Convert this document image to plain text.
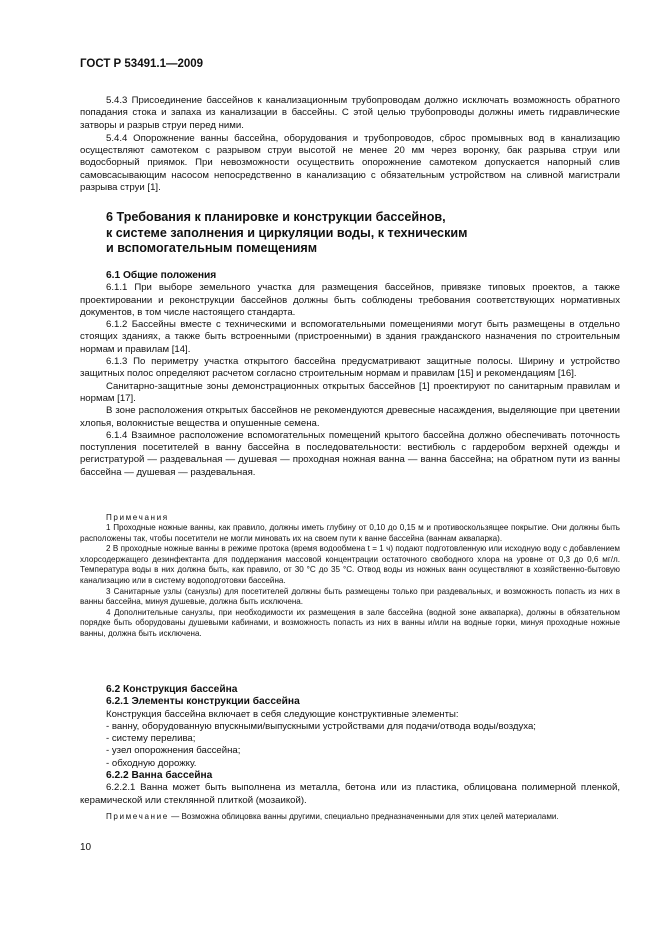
ГОСТ Р 53491.1—2009

5.4.3 Присоединение бассейнов к канализационным трубопроводам должно исключать возможность обратного попадания стока и запаха из канализации в бассейны. С этой целью трубопроводы должны иметь гидравлические затворы и разрыв струи перед ними.

5.4.4 Опорожнение ванны бассейна, оборудования и трубопроводов, сброс промывных вод в канализацию осуществляют самотеком с разрывом струи высотой не менее 20 мм через воронку, бак разрыва струи или водосборный приямок. При невозможности осуществить опорожнение самотеком допускается напорный слив самовсасывающим насосом непосредственно в канализацию с обязательным устройством на сливной магистрали разрыва струи [1].

6 Требования к планировке и конструкции бассейнов,
к системе заполнения и циркуляции воды, к техническим
и вспомогательным помещениям
6.1 Общие положения

6.1.1 При выборе земельного участка для размещения бассейнов, привязке типовых проектов, а также проектировании и реконструкции бассейнов должны быть соблюдены требования соответствующих нормативных документов, в том числе настоящего стандарта.

6.1.2 Бассейны вместе с техническими и вспомогательными помещениями могут быть размещены в отдельно стоящих зданиях, а также быть встроенными (пристроенными) в здания гражданского назначения по строительным нормам и правилам [14].

6.1.3 По периметру участка открытого бассейна предусматривают защитные полосы. Ширину и устройство защитных полос определяют расчетом согласно строительным нормам и правилам [15] и рекомендациям [16].

Санитарно-защитные зоны демонстрационных открытых бассейнов [1] проектируют по санитарным правилам и нормам [17].

В зоне расположения открытых бассейнов не рекомендуются древесные насаждения, выделяющие при цветении хлопья, волокнистые вещества и опушенные семена.

6.1.4 Взаимное расположение вспомогательных помещений крытого бассейна должно обеспечивать поточность поступления посетителей в ванну бассейна в последовательности: вестибюль с гардеробом верхней одежды и регистратурой — раздевальная — душевая — проходная ножная ванна — ванна бассейна; на обратном пути из ванны бассейна — душевая — раздевальная.

Примечания

1 Проходные ножные ванны, как правило, должны иметь глубину от 0,10 до 0,15 м и противоскользящее покрытие. Они должны быть расположены так, чтобы посетители не могли миновать их на своем пути к ванне бассейна (ваннам аквапарка).

2 В проходные ножные ванны в режиме протока (время водообмена t = 1 ч) подают подготовленную или исходную воду с добавлением хлорсодержащего дезинфектанта для поддержания массовой концентрации остаточного свободного хлора на уровне от 0,3 до 0,6 мг/л. Температура воды в них должна быть, как правило, от 30 °С до 35 °С. Отвод воды из ножных ванн осуществляют в хозяйственно-бытовую канализацию или в систему водоподготовки бассейна.

3 Санитарные узлы (санузлы) для посетителей должны быть размещены только при раздевальных, и возможность попасть из них в ванны бассейна, минуя душевые, должна быть исключена.

4 Дополнительные санузлы, при необходимости их размещения в зале бассейна (водной зоне аквапарка), должны в обязательном порядке быть оборудованы душевыми кабинами, и возможность попасть из них в ванны и/или на водные горки, минуя проходные ножные ванны, должна быть исключена.

6.2 Конструкция бассейна
6.2.1 Элементы конструкции бассейна

Конструкция бассейна включает в себя следующие конструктивные элементы:

- ванну, оборудованную впускными/выпускными устройствами для подачи/отвода воды/воздуха;
- систему перелива;
- узел опорожнения бассейна;
- обходную дорожку.
6.2.2 Ванна бассейна

6.2.2.1 Ванна может быть выполнена из металла, бетона или из пластика, облицована полимерной пленкой, керамической или стеклянной плиткой (мозаикой).

Примечание — Возможна облицовка ванны другими, специально предназначенными для этих целей материалами.

10
